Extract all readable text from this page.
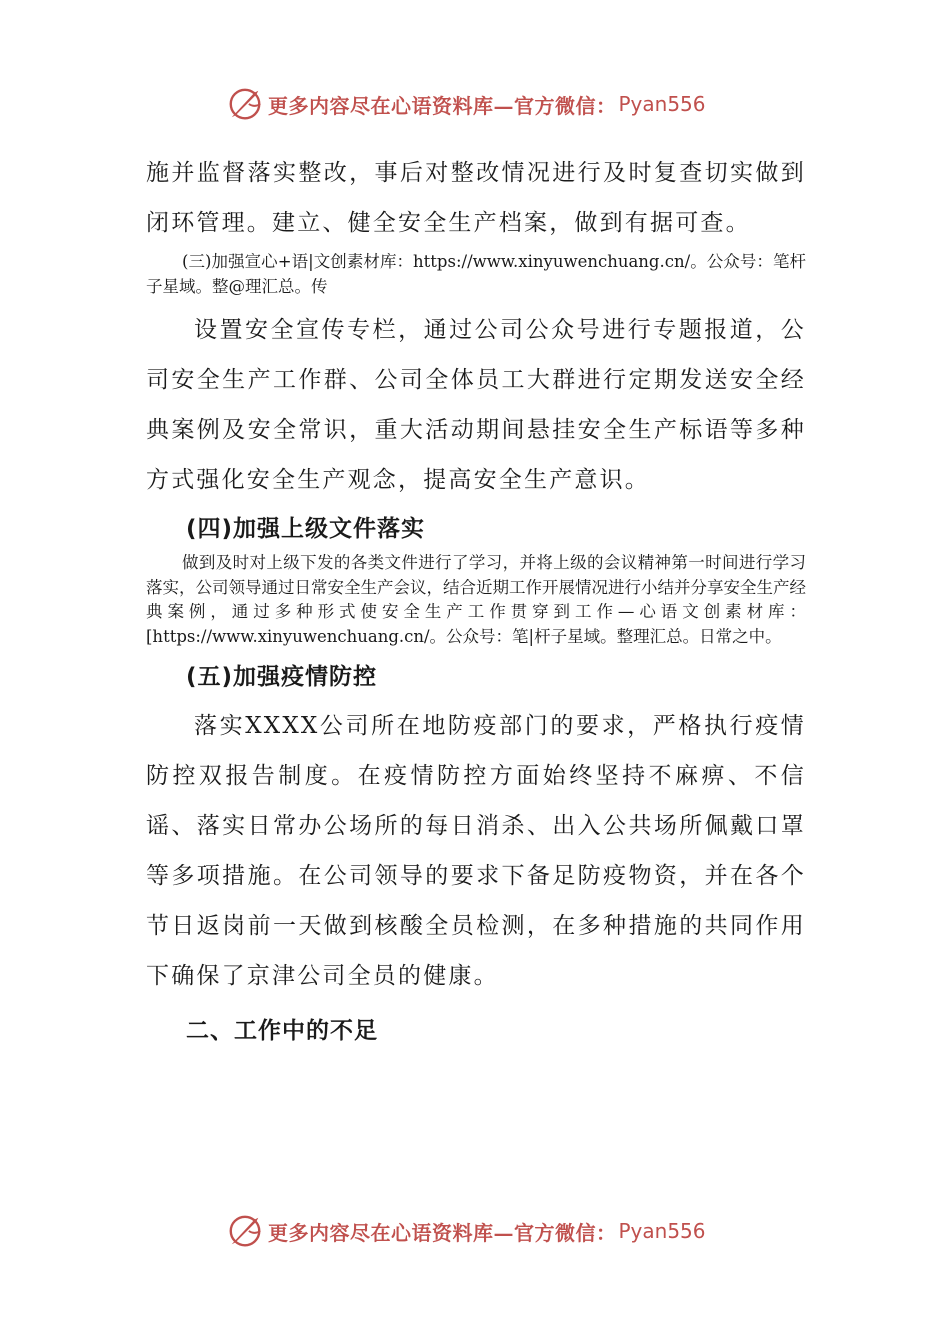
更多内容尽在心语资料库—官方微信： Pyan556

施并监督落实整改，事后对整改情况进行及时复查切实做到闭环管理。建立、健全安全生产档案，做到有据可查。

(三)加强宣心+语|文创素材库：https://www.xinyuwenchuang.cn/。公众号：笔杆子星域。整@理汇总。传

设置安全宣传专栏，通过公司公众号进行专题报道，公司安全生产工作群、公司全体员工大群进行定期发送安全经典案例及安全常识，重大活动期间悬挂安全生产标语等多种方式强化安全生产观念，提高安全生产意识。

(四)加强上级文件落实

做到及时对上级下发的各类文件进行了学习，并将上级的会议精神第一时间进行学习落实，公司领导通过日常安全生产会议，结合近期工作开展情况进行小结并分享安全生产经典案例，通过多种形式使安全生产工作贯穿到工作—心语文创素材库：[https://www.xinyuwenchuang.cn/。公众号：笔|杆子星域。整理汇总。日常之中。

(五)加强疫情防控

落实XXXX公司所在地防疫部门的要求，严格执行疫情防控双报告制度。在疫情防控方面始终坚持不麻痹、不信谣、落实日常办公场所的每日消杀、出入公共场所佩戴口罩等多项措施。在公司领导的要求下备足防疫物资，并在各个节日返岗前一天做到核酸全员检测，在多种措施的共同作用下确保了京津公司全员的健康。

二、工作中的不足

更多内容尽在心语资料库—官方微信： Pyan556
